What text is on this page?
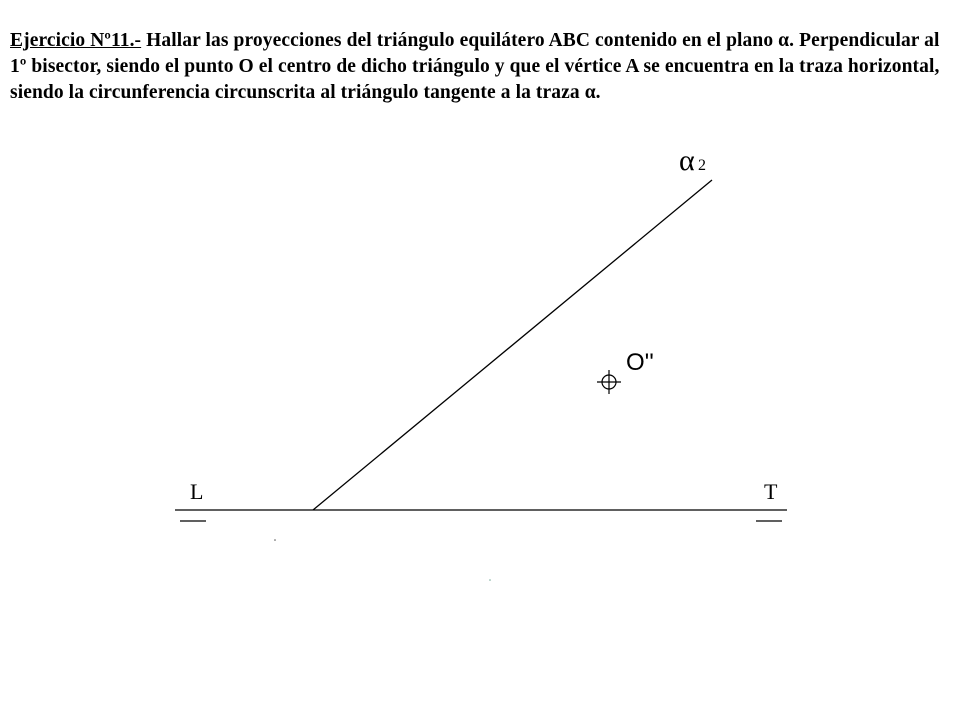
Ejercicio Nº11.- Hallar las proyecciones del triángulo equilátero ABC contenido en el plano α. Perpendicular al 1º bisector, siendo el punto O el centro de dicho triángulo y que el vértice A se encuentra en la traza horizontal, siendo la circunferencia circunscrita al triángulo tangente a la traza α.
L	T
α 2
O''
